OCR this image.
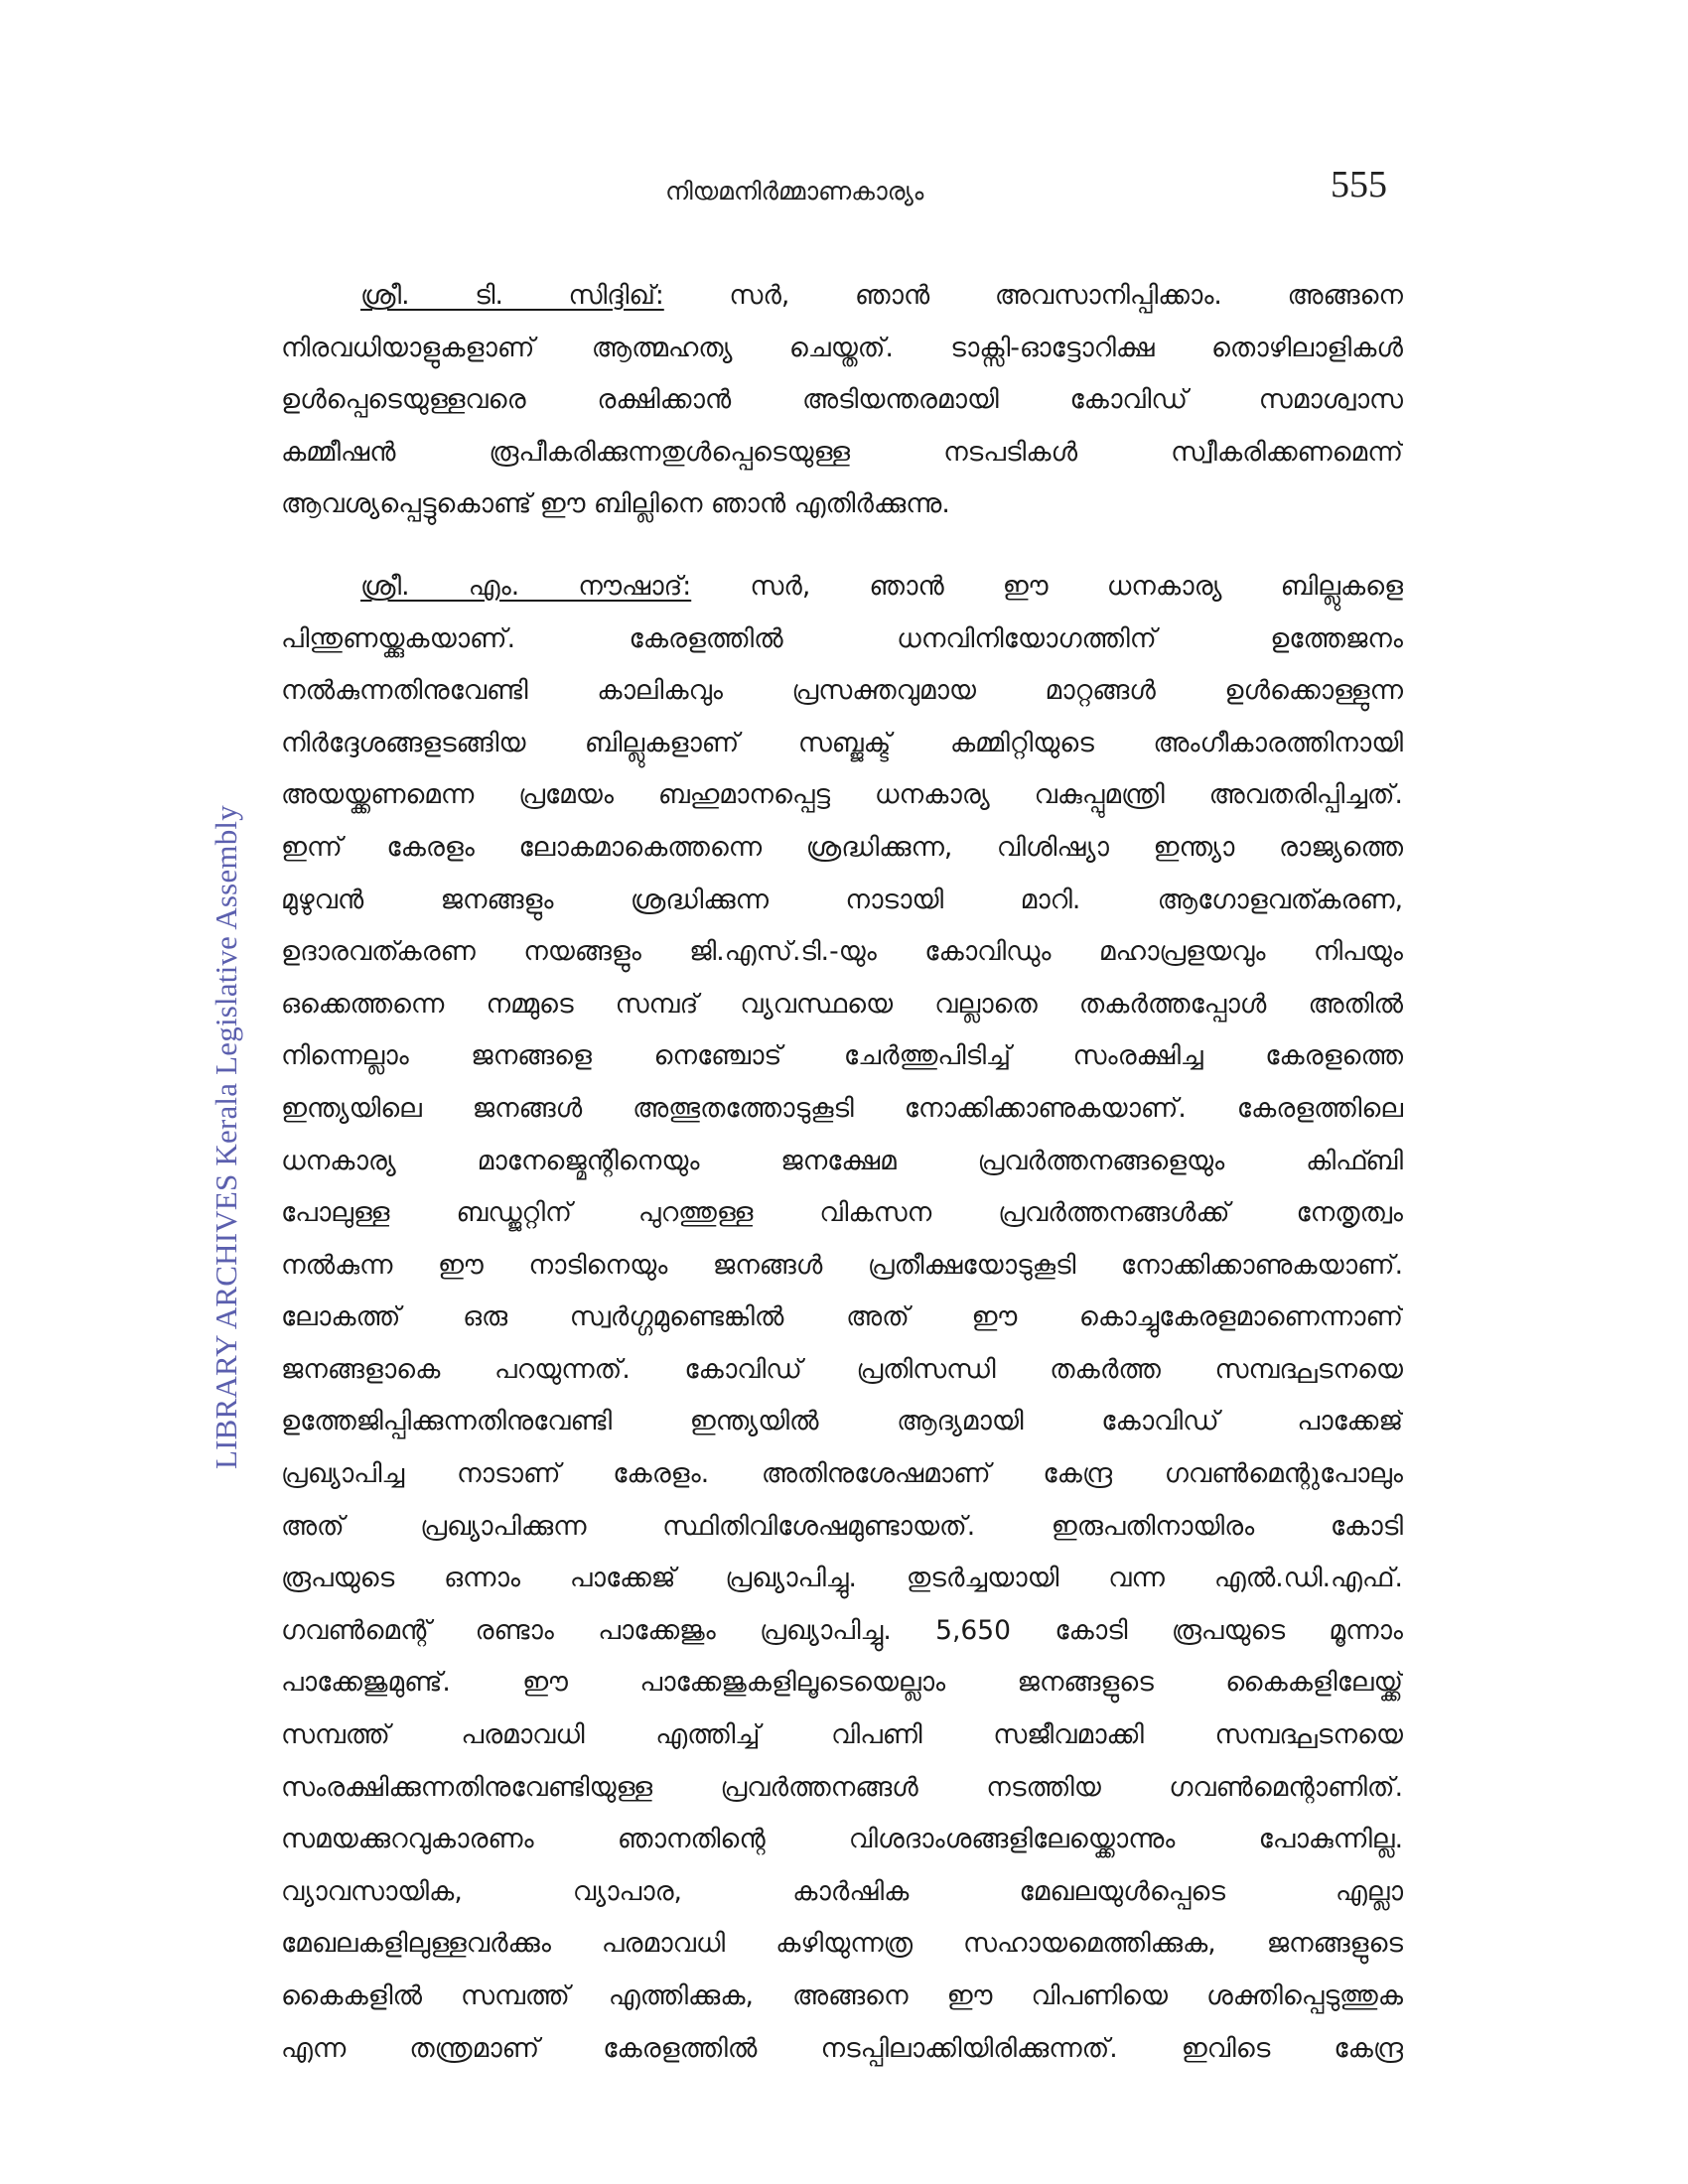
നിയമനിർമ്മാണകാര്യം	555
LIBRARY ARCHIVES Kerala Legislative Assembly
ശ്രീ. ടി. സിദ്ദിഖ്: സർ, ഞാൻ അവസാനിപ്പിക്കാം. അങ്ങനെ
നിരവധിയാളുകളാണ് ആത്മഹത്യ ചെയ്തത്. ടാക്സി-ഓട്ടോറിക്ഷ തൊഴിലാളികൾ
ഉൾപ്പെടെയുള്ളവരെ രക്ഷിക്കാൻ അടിയന്തരമായി കോവിഡ് സമാശ്വാസ
കമ്മീഷൻ രൂപീകരിക്കുന്നതുൾപ്പെടെയുള്ള നടപടികൾ സ്വീകരിക്കണമെന്ന്
ആവശ്യപ്പെട്ടുകൊണ്ട് ഈ ബില്ലിനെ ഞാൻ എതിർക്കുന്നു.
ശ്രീ. എം. നൗഷാദ്: സർ, ഞാൻ ഈ ധനകാര്യ ബില്ലുകളെ
പിന്തുണയ്ക്കുകയാണ്. കേരളത്തിൽ ധനവിനിയോഗത്തിന് ഉത്തേജനം
നൽകുന്നതിനുവേണ്ടി കാലികവും പ്രസക്തവുമായ മാറ്റങ്ങൾ ഉൾക്കൊള്ളുന്ന
നിർദ്ദേശങ്ങളടങ്ങിയ ബില്ലുകളാണ് സബ്ജക്ട് കമ്മിറ്റിയുടെ അംഗീകാരത്തിനായി
അയയ്ക്കണമെന്ന പ്രമേയം ബഹുമാനപ്പെട്ട ധനകാര്യ വകുപ്പുമന്ത്രി അവതരിപ്പിച്ചത്.
ഇന്ന് കേരളം ലോകമാകെത്തന്നെ ശ്രദ്ധിക്കുന്ന, വിശിഷ്യാ ഇന്ത്യാ രാജ്യത്തെ
മുഴുവൻ ജനങ്ങളും ശ്രദ്ധിക്കുന്ന നാടായി മാറി. ആഗോളവത്കരണ,
ഉദാരവത്കരണ നയങ്ങളും ജി.എസ്.ടി.-യും കോവിഡും മഹാപ്രളയവും നിപയും
ഒക്കെത്തന്നെ നമ്മുടെ സമ്പദ് വ്യവസ്ഥയെ വല്ലാതെ തകർത്തപ്പോൾ അതിൽ
നിന്നെല്ലാം ജനങ്ങളെ നെഞ്ചോട് ചേർത്തുപിടിച്ച് സംരക്ഷിച്ച കേരളത്തെ
ഇന്ത്യയിലെ ജനങ്ങൾ അത്ഭുതത്തോടുകൂടി നോക്കിക്കാണുകയാണ്. കേരളത്തിലെ
ധനകാര്യ മാനേജ്മെന്റിനെയും ജനക്ഷേമ പ്രവർത്തനങ്ങളെയും കിഫ്ബി
പോലുള്ള ബഡ്ജറ്റിന് പുറത്തുള്ള വികസന പ്രവർത്തനങ്ങൾക്ക് നേതൃത്വം
നൽകുന്ന ഈ നാടിനെയും ജനങ്ങൾ പ്രതീക്ഷയോടുകൂടി നോക്കിക്കാണുകയാണ്.
ലോകത്ത് ഒരു സ്വർഗ്ഗമുണ്ടെങ്കിൽ അത് ഈ കൊച്ചുകേരളമാണെന്നാണ്
ജനങ്ങളാകെ പറയുന്നത്. കോവിഡ് പ്രതിസന്ധി തകർത്ത സമ്പദ്ഘടനയെ
ഉത്തേജിപ്പിക്കുന്നതിനുവേണ്ടി ഇന്ത്യയിൽ ആദ്യമായി കോവിഡ് പാക്കേജ്
പ്രഖ്യാപിച്ച നാടാണ് കേരളം. അതിനുശേഷമാണ് കേന്ദ്ര ഗവൺമെന്റുപോലും
അത് പ്രഖ്യാപിക്കുന്ന സ്ഥിതിവിശേഷമുണ്ടായത്. ഇരുപതിനായിരം കോടി
രൂപയുടെ ഒന്നാം പാക്കേജ് പ്രഖ്യാപിച്ചു. തുടർച്ചയായി വന്ന എൽ.ഡി.എഫ്.
ഗവൺമെന്റ് രണ്ടാം പാക്കേജും പ്രഖ്യാപിച്ചു. 5,650 കോടി രൂപയുടെ മൂന്നാം
പാക്കേജുമുണ്ട്. ഈ പാക്കേജുകളിലൂടെയെല്ലാം ജനങ്ങളുടെ കൈകളിലേയ്ക്ക്
സമ്പത്ത് പരമാവധി എത്തിച്ച് വിപണി സജീവമാക്കി സമ്പദ്ഘടനയെ
സംരക്ഷിക്കുന്നതിനുവേണ്ടിയുള്ള പ്രവർത്തനങ്ങൾ നടത്തിയ ഗവൺമെന്റാണിത്.
സമയക്കുറവുകാരണം ഞാനതിന്റെ വിശദാംശങ്ങളിലേയ്ക്കൊന്നും പോകുന്നില്ല.
വ്യാവസായിക, വ്യാപാര, കാർഷിക മേഖലയുൾപ്പെടെ എല്ലാ
മേഖലകളിലുള്ളവർക്കും പരമാവധി കഴിയുന്നത്ര സഹായമെത്തിക്കുക, ജനങ്ങളുടെ
കൈകളിൽ സമ്പത്ത് എത്തിക്കുക, അങ്ങനെ ഈ വിപണിയെ ശക്തിപ്പെടുത്തുക
എന്ന തന്ത്രമാണ് കേരളത്തിൽ നടപ്പിലാക്കിയിരിക്കുന്നത്. ഇവിടെ കേന്ദ്ര
